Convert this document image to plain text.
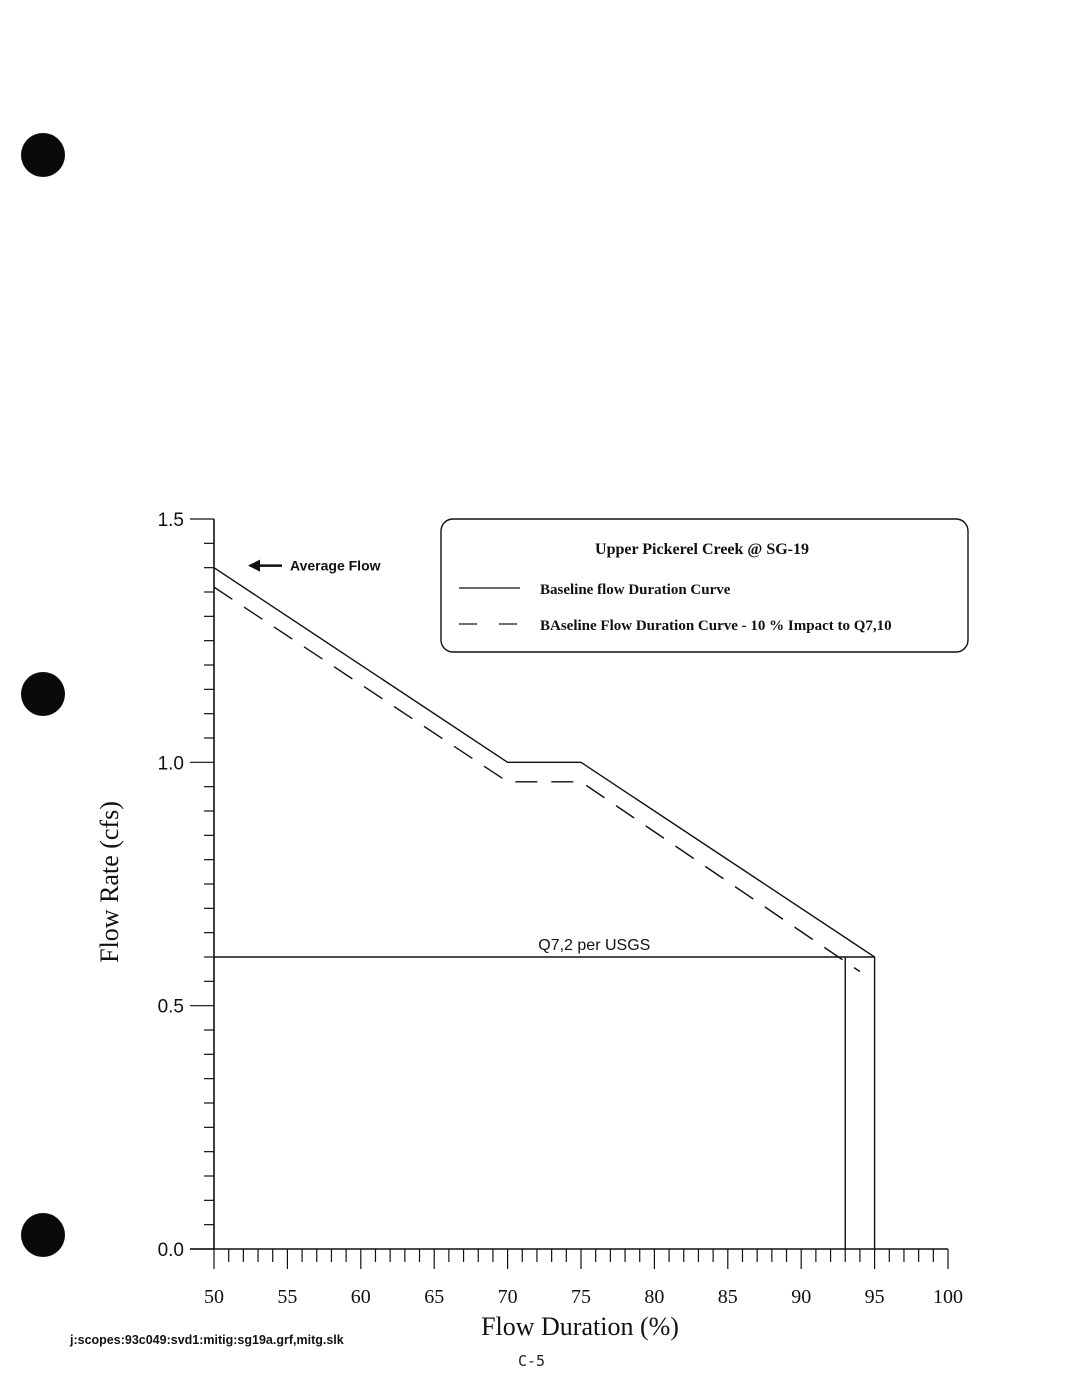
0.0
0.5
1.0
1.5
50	55	60	65	70	75	80	85	90	95 100
Q7,2 per USGS
Average Flow
Upper Pickerel Creek @ SG-19
Baseline flow Duration Curve
BAseline Flow Duration Curve - 10 % Impact to Q7,10
Flow Rate (cfs)
Flow Duration (%)
j:scopes:93c049:svd1:mitig:sg19a.grf,mitg.slk
C-5
